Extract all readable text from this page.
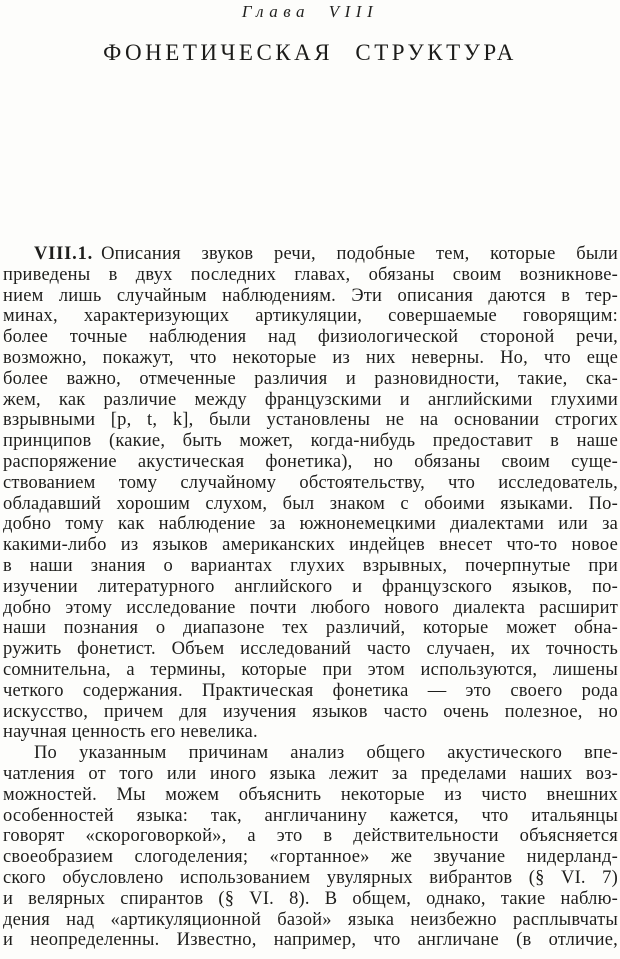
Глава VIII
ФОНЕТИЧЕСКАЯ СТРУКТУРА
VIII.1. Описания звуков речи, подобные тем, которые были
приведены в двух последних главах, обязаны своим возникнове-
нием лишь случайным наблюдениям. Эти описания даются в тер-
минах, характеризующих артикуляции, совершаемые говорящим:
более точные наблюдения над физиологической стороной речи,
возможно, покажут, что некоторые из них неверны. Но, что еще
более важно, отмеченные различия и разновидности, такие, ска-
жем, как различие между французскими и английскими глухими
взрывными [p, t, k], были установлены не на основании строгих
принципов (какие, быть может, когда-нибудь предоставит в наше
распоряжение акустическая фонетика), но обязаны своим суще-
ствованием тому случайному обстоятельству, что исследователь,
обладавший хорошим слухом, был знаком с обоими языками. По-
добно тому как наблюдение за южнонемецкими диалектами или за
какими-либо из языков американских индейцев внесет что-то новое
в наши знания о вариантах глухих взрывных, почерпнутые при
изучении литературного английского и французского языков, по-
добно этому исследование почти любого нового диалекта расширит
наши познания о диапазоне тех различий, которые может обна-
ружить фонетист. Объем исследований часто случаен, их точность
сомнительна, а термины, которые при этом используются, лишены
четкого содержания. Практическая фонетика — это своего рода
искусство, причем для изучения языков часто очень полезное, но
научная ценность его невелика.
По указанным причинам анализ общего акустического впе-
чатления от того или иного языка лежит за пределами наших воз-
можностей. Мы можем объяснить некоторые из чисто внешних
особенностей языка: так, англичанину кажется, что итальянцы
говорят «скороговоркой», а это в действительности объясняется
своеобразием слогоделения; «гортанное» же звучание нидерланд-
ского обусловлено использованием увулярных вибрантов (§ VI. 7)
и велярных спирантов (§ VI. 8). В общем, однако, такие наблю-
дения над «артикуляционной базой» языка неизбежно расплывчаты
и неопределенны. Известно, например, что англичане (в отличие,
